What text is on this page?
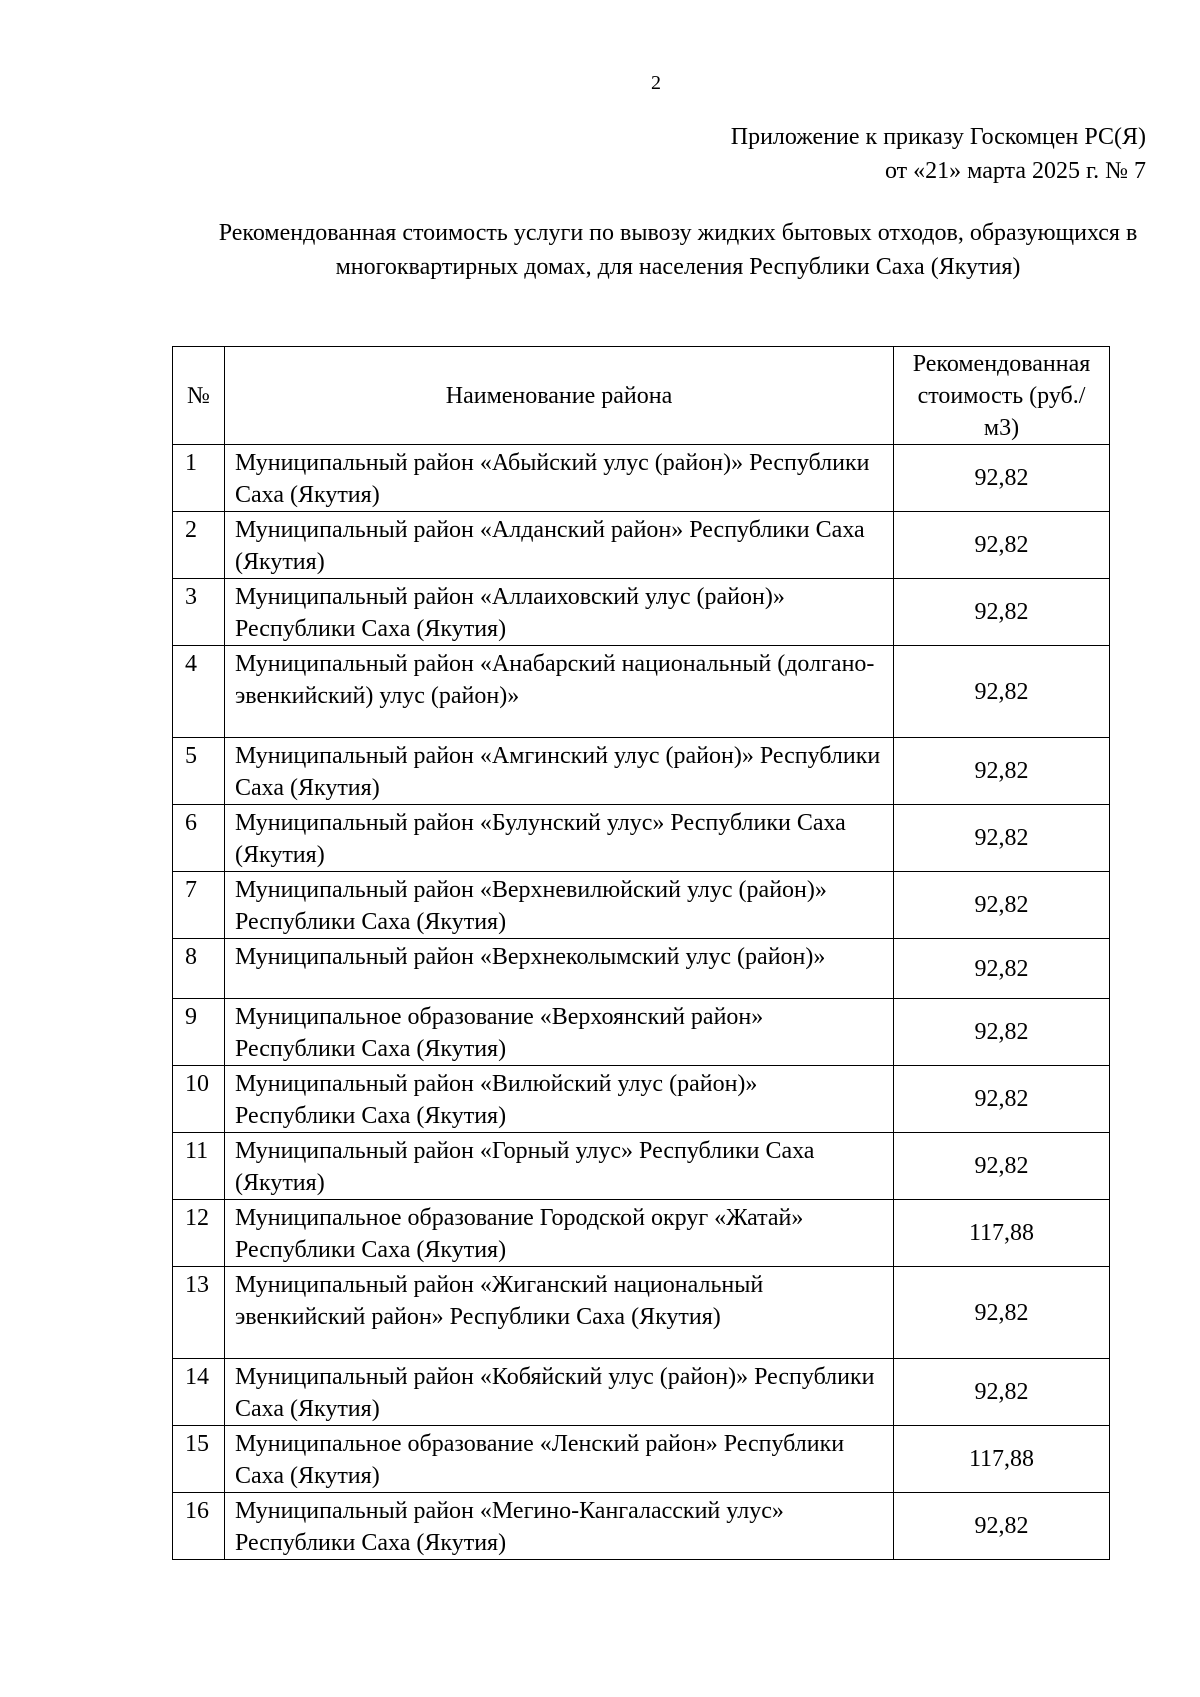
2
Приложение к приказу Госкомцен РС(Я)
от «21» марта 2025 г. № 7
Рекомендованная стоимость услуги по вывозу жидких бытовых отходов, образующихся в многоквартирных домах, для населения Республики Саха (Якутия)
№	Наименование района	Рекомендованная стоимость (руб./м3)
1	Муниципальный район «Абыйский улус (район)» Республики Саха (Якутия)	92,82
2	Муниципальный район «Алданский район» Республики Саха (Якутия)	92,82
3	Муниципальный район «Аллаиховский улус (район)» Республики Саха (Якутия)	92,82
4	Муниципальный район «Анабарский национальный (долгано-эвенкийский) улус (район)»	92,82
5	Муниципальный район «Амгинский улус (район)» Республики Саха (Якутия)	92,82
6	Муниципальный район «Булунский улус» Республики Саха (Якутия)	92,82
7	Муниципальный район «Верхневилюйский улус (район)» Республики Саха (Якутия)	92,82
8	Муниципальный район «Верхнеколымский улус (район)»	92,82
9	Муниципальное образование «Верхоянский район» Республики Саха (Якутия)	92,82
10	Муниципальный район «Вилюйский улус (район)» Республики Саха (Якутия)	92,82
11	Муниципальный район «Горный улус» Республики Саха (Якутия)	92,82
12	Муниципальное образование Городской округ «Жатай» Республики Саха (Якутия)	117,88
13	Муниципальный район «Жиганский национальный эвенкийский район» Республики Саха (Якутия)	92,82
14	Муниципальный район «Кобяйский улус (район)» Республики Саха (Якутия)	92,82
15	Муниципальное образование «Ленский район» Республики Саха (Якутия)	117,88
16	Муниципальный район «Мегино-Кангаласский улус» Республики Саха (Якутия)	92,82
